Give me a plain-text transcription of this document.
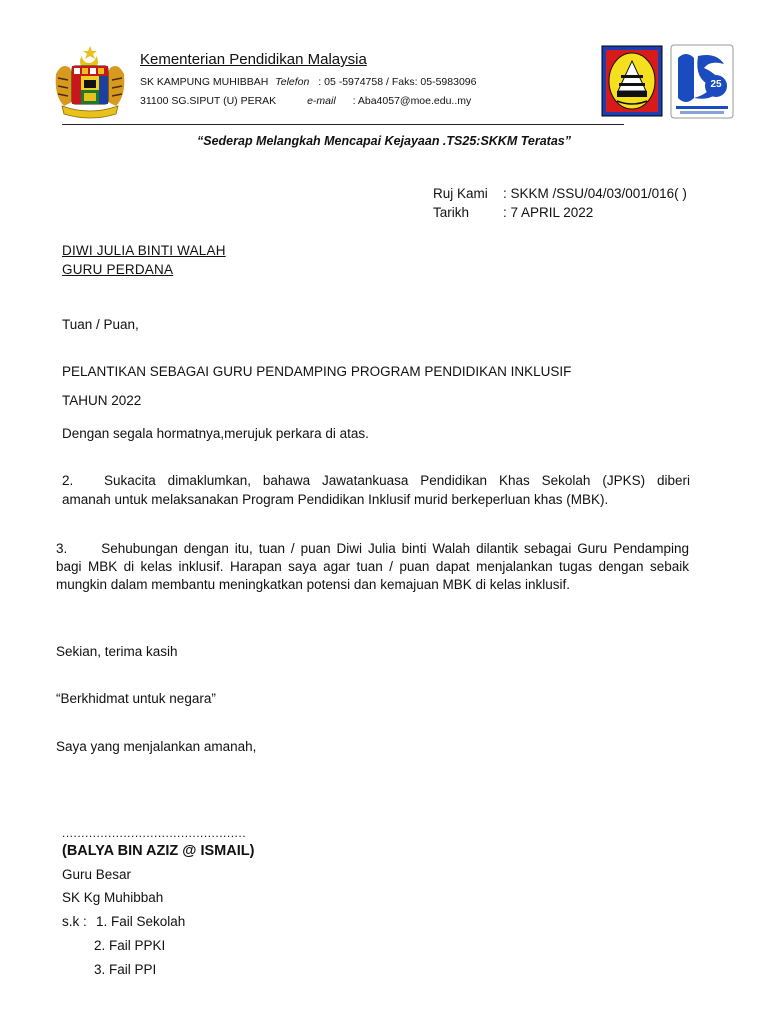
Kementerian Pendidikan Malaysia
SK KAMPUNG MUHIBBAH Telefon : 05 -5974758 / Faks: 05-5983096
31100 SG.SIPUT (U) PERAK	e-mail : Aba4057@moe.edu..my
25
“Sederap Melangkah Mencapai Kejayaan .TS25:SKKM Teratas”
Ruj Kami : SKKM /SSU/04/03/001/016( )
Tarikh	: 7 APRIL 2022
DIWI JULIA BINTI WALAH
GURU PERDANA
Tuan / Puan,
PELANTIKAN SEBAGAI GURU PENDAMPING PROGRAM PENDIDIKAN INKLUSIF
TAHUN 2022
Dengan segala hormatnya,merujuk perkara di atas.
2. Sukacita dimaklumkan, bahawa Jawatankuasa Pendidikan Khas Sekolah (JPKS) diberi
amanah untuk melaksanakan Program Pendidikan Inklusif murid berkeperluan khas (MBK).
3.	Sehubungan dengan itu, tuan / puan Diwi Julia binti Walah dilantik sebagai Guru Pendamping bagi MBK di kelas inklusif. Harapan saya agar tuan / puan dapat menjalankan tugas dengan sebaik mungkin dalam membantu meningkatkan potensi dan kemajuan MBK di kelas inklusif.
Sekian, terima kasih
“Berkhidmat untuk negara”
Saya yang menjalankan amanah,
................................................
(BALYA BIN AZIZ @ ISMAIL)
Guru Besar
SK Kg Muhibbah
s.k : 1. Fail Sekolah
2. Fail PPKI
3. Fail PPI
